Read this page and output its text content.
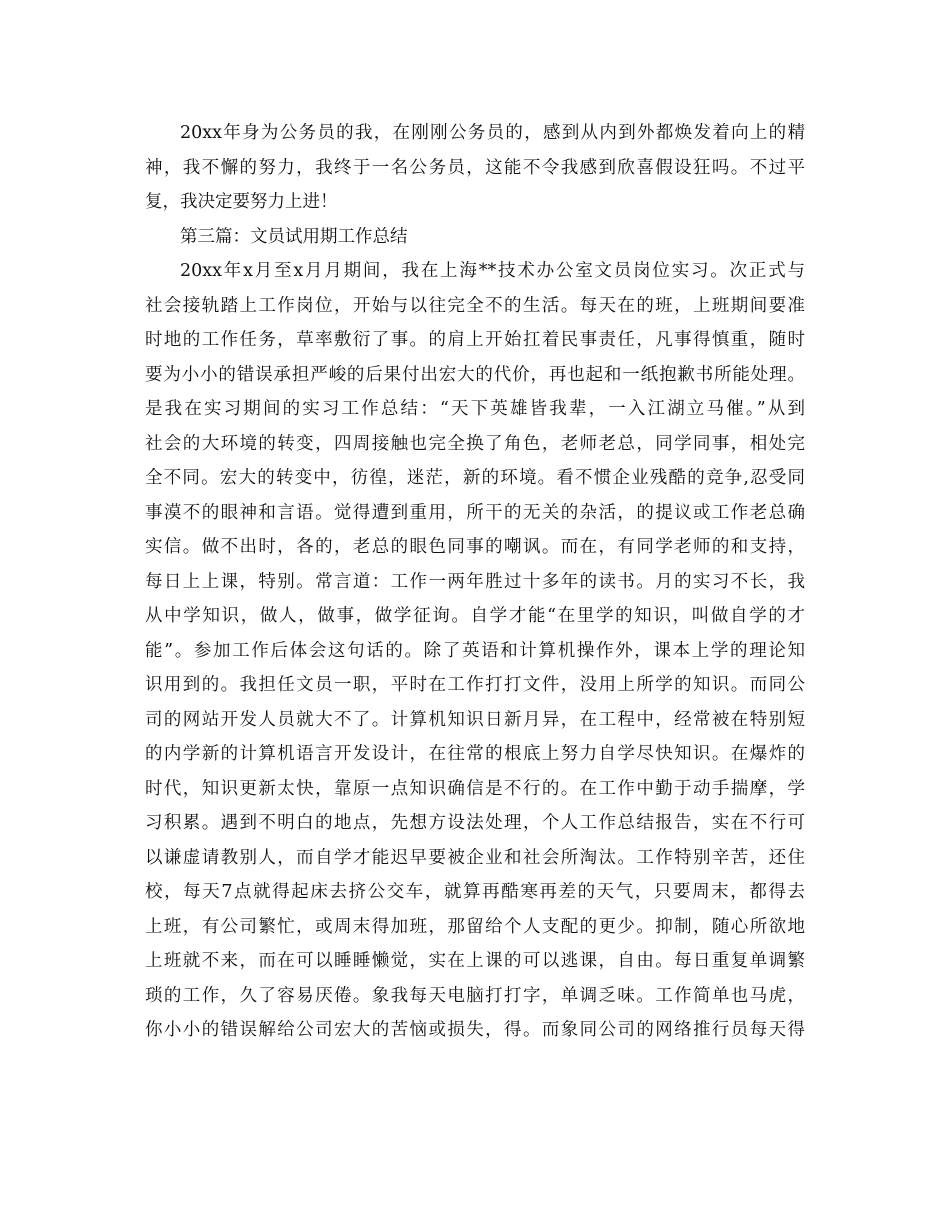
20xx年身为公务员的我，在刚刚公务员的，感到从内到外都焕发着向上的精
神，我不懈的努力，我终于一名公务员，这能不令我感到欣喜假设狂吗。不过平
复，我决定要努力上进！
第三篇：文员试用期工作总结
20xx年x月至x月月期间，我在上海**技术办公室文员岗位实习。次正式与
社会接轨踏上工作岗位，开始与以往完全不的生活。每天在的班，上班期间要准
时地的工作任务，草率敷衍了事。的肩上开始扛着民事责任，凡事得慎重，随时
要为小小的错误承担严峻的后果付出宏大的代价，再也起和一纸抱歉书所能处理。
是我在实习期间的实习工作总结：“天下英雄皆我辈，一入江湖立马催。”从到
社会的大环境的转变，四周接触也完全换了角色，老师老总，同学同事，相处完
全不同。宏大的转变中，彷徨，迷茫，新的环境。看不惯企业残酷的竞争,忍受同
事漠不的眼神和言语。觉得遭到重用，所干的无关的杂活，的提议或工作老总确
实信。做不出时，各的，老总的眼色同事的嘲讽。而在，有同学老师的和支持，
每日上上课，特别。常言道：工作一两年胜过十多年的读书。月的实习不长，我
从中学知识，做人，做事，做学征询。自学才能“在里学的知识，叫做自学的才
能”。参加工作后体会这句话的。除了英语和计算机操作外，课本上学的理论知
识用到的。我担任文员一职，平时在工作打打文件，没用上所学的知识。而同公
司的网站开发人员就大不了。计算机知识日新月异，在工程中，经常被在特别短
的内学新的计算机语言开发设计，在往常的根底上努力自学尽快知识。在爆炸的
时代，知识更新太快，靠原一点知识确信是不行的。在工作中勤于动手揣摩，学
习积累。遇到不明白的地点，先想方设法处理，个人工作总结报告，实在不行可
以谦虚请教别人，而自学才能迟早要被企业和社会所淘汰。工作特别辛苦，还住
校，每天7点就得起床去挤公交车，就算再酷寒再差的天气，只要周末，都得去
上班，有公司繁忙，或周末得加班，那留给个人支配的更少。抑制，随心所欲地
上班就不来，而在可以睡睡懒觉，实在上课的可以逃课，自由。每日重复单调繁
琐的工作，久了容易厌倦。象我每天电脑打打字，单调乏味。工作简单也马虎，
你小小的错误解给公司宏大的苦恼或损失，得。而象同公司的网络推行员每天得
